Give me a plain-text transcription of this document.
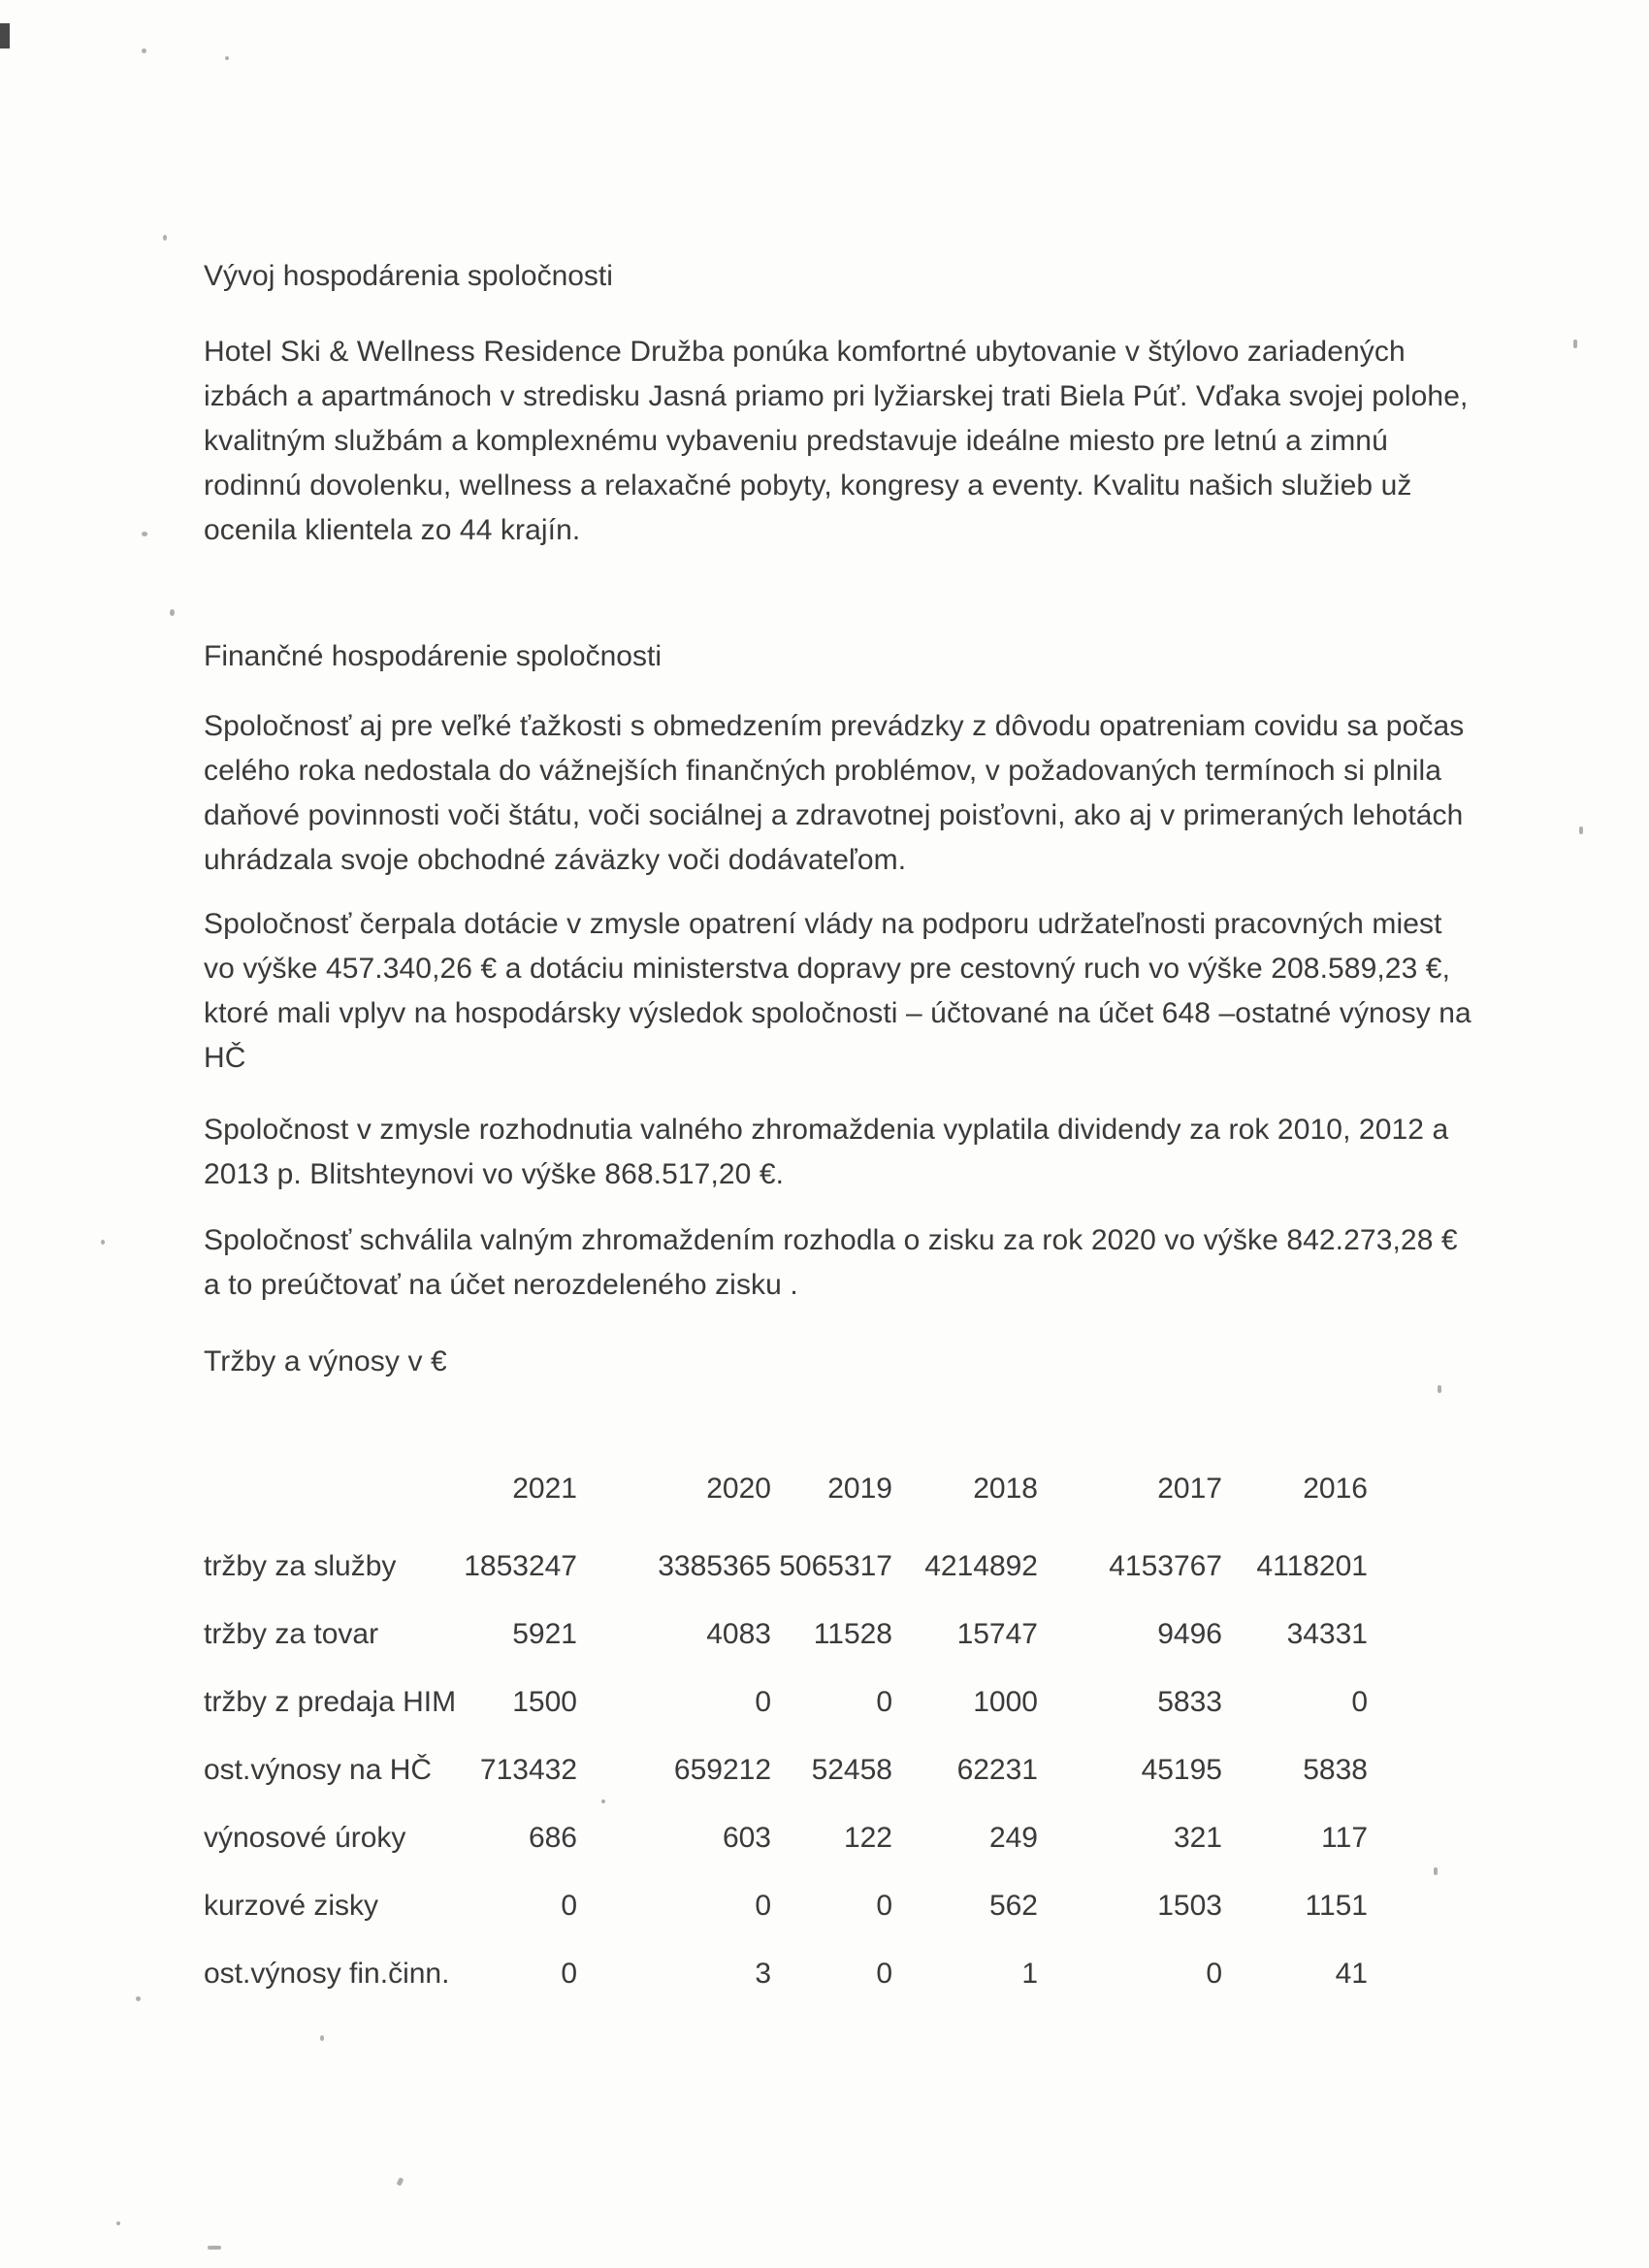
Vývoj hospodárenia spoločnosti

Hotel Ski & Wellness Residence Družba ponúka komfortné ubytovanie v štýlovo zariadených izbách a apartmánoch v stredisku Jasná priamo pri lyžiarskej trati Biela Púť. Vďaka svojej polohe, kvalitným službám a komplexnému vybaveniu predstavuje ideálne miesto pre letnú a zimnú rodinnú dovolenku, wellness a relaxačné pobyty, kongresy a eventy. Kvalitu našich služieb už ocenila klientela zo 44 krajín.

Finančné hospodárenie spoločnosti

Spoločnosť aj pre veľké ťažkosti s obmedzením prevádzky z dôvodu opatreniam covidu sa počas celého roka nedostala do vážnejších finančných problémov, v požadovaných termínoch si plnila daňové povinnosti voči štátu, voči sociálnej a zdravotnej poisťovni, ako aj v primeraných lehotách uhrádzala svoje obchodné záväzky voči dodávateľom.

Spoločnosť čerpala dotácie v zmysle opatrení vlády na podporu udržateľnosti pracovných miest vo výške 457.340,26 € a dotáciu ministerstva dopravy pre cestovný ruch vo výške 208.589,23 €, ktoré mali vplyv na hospodársky výsledok spoločnosti – účtované na účet 648 –ostatné výnosy na HČ

Spoločnost v zmysle rozhodnutia valného zhromaždenia vyplatila dividendy za rok 2010, 2012 a 2013 p. Blitshteynovi vo výške 868.517,20 €.

Spoločnosť schválila valným zhromaždením rozhodla o zisku za rok 2020 vo výške 842.273,28 € a to preúčtovať na účet nerozdeleného zisku .

Tržby a výnosy v €

	2021	2020	2019	2018	2017	2016
tržby za služby	1853247	3385365	5065317	4214892	4153767	4118201
tržby za tovar	5921	4083	11528	15747	9496	34331
tržby z predaja HIM	1500	0	0	1000	5833	0
ost.výnosy na HČ	713432	659212	52458	62231	45195	5838
výnosové úroky	686	603	122	249	321	117
kurzové zisky	0	0	0	562	1503	1151
ost.výnosy fin.činn.	0	3	0	1	0	41
